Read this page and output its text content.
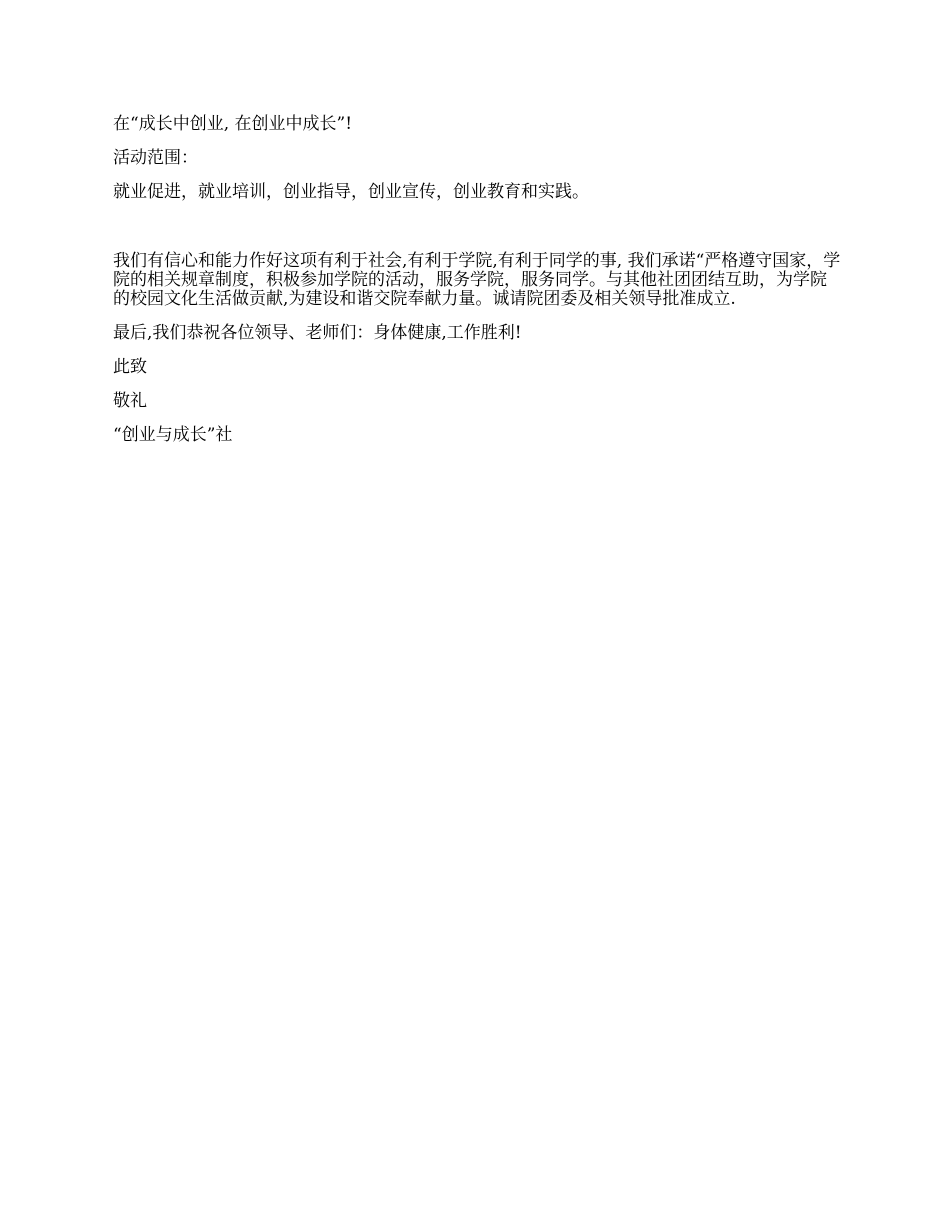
在“成长中创业, 在创业中成长”!

活动范围：

就业促进，就业培训，创业指导，创业宣传，创业教育和实践。

我们有信心和能力作好这项有利于社会,有利于学院,有利于同学的事, 我们承诺“严格遵守国家，学院的相关规章制度，积极参加学院的活动，服务学院，服务同学。与其他社团团结互助，为学院的校园文化生活做贡献,为建设和谐交院奉献力量。诚请院团委及相关领导批准成立.

最后,我们恭祝各位领导、老师们：身体健康,工作胜利!

此致

敬礼

“创业与成长”社
